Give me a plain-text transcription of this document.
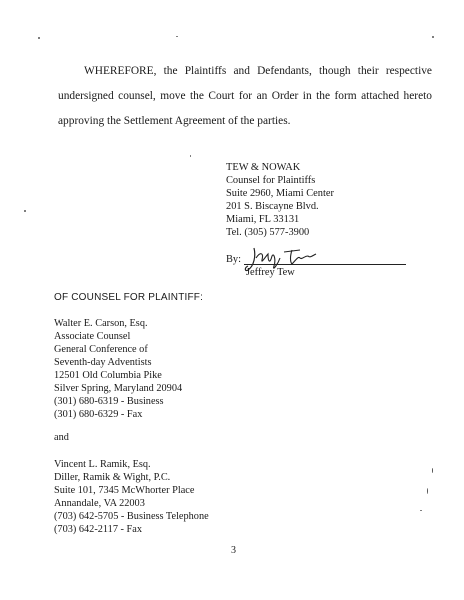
WHEREFORE, the Plaintiffs and Defendants, though their respective
undersigned counsel, move the Court for an Order in the form attached hereto
approving the Settlement Agreement of the parties.

TEW & NOWAK
Counsel for Plaintiffs
Suite 2960, Miami Center
201 S. Biscayne Blvd.
Miami, FL 33131
Tel. (305) 577-3900
By:
Jeffrey Tew
OF COUNSEL FOR PLAINTIFF:
Walter E. Carson, Esq.
Associate Counsel
General Conference of
Seventh-day Adventists
12501 Old Columbia Pike
Silver Spring, Maryland 20904
(301) 680-6319 - Business
(301) 680-6329 - Fax
and
Vincent L. Ramik, Esq.
Diller, Ramik & Wight, P.C.
Suite 101, 7345 McWhorter Place
Annandale, VA 22003
(703) 642-5705 - Business Telephone
(703) 642-2117 - Fax
3
